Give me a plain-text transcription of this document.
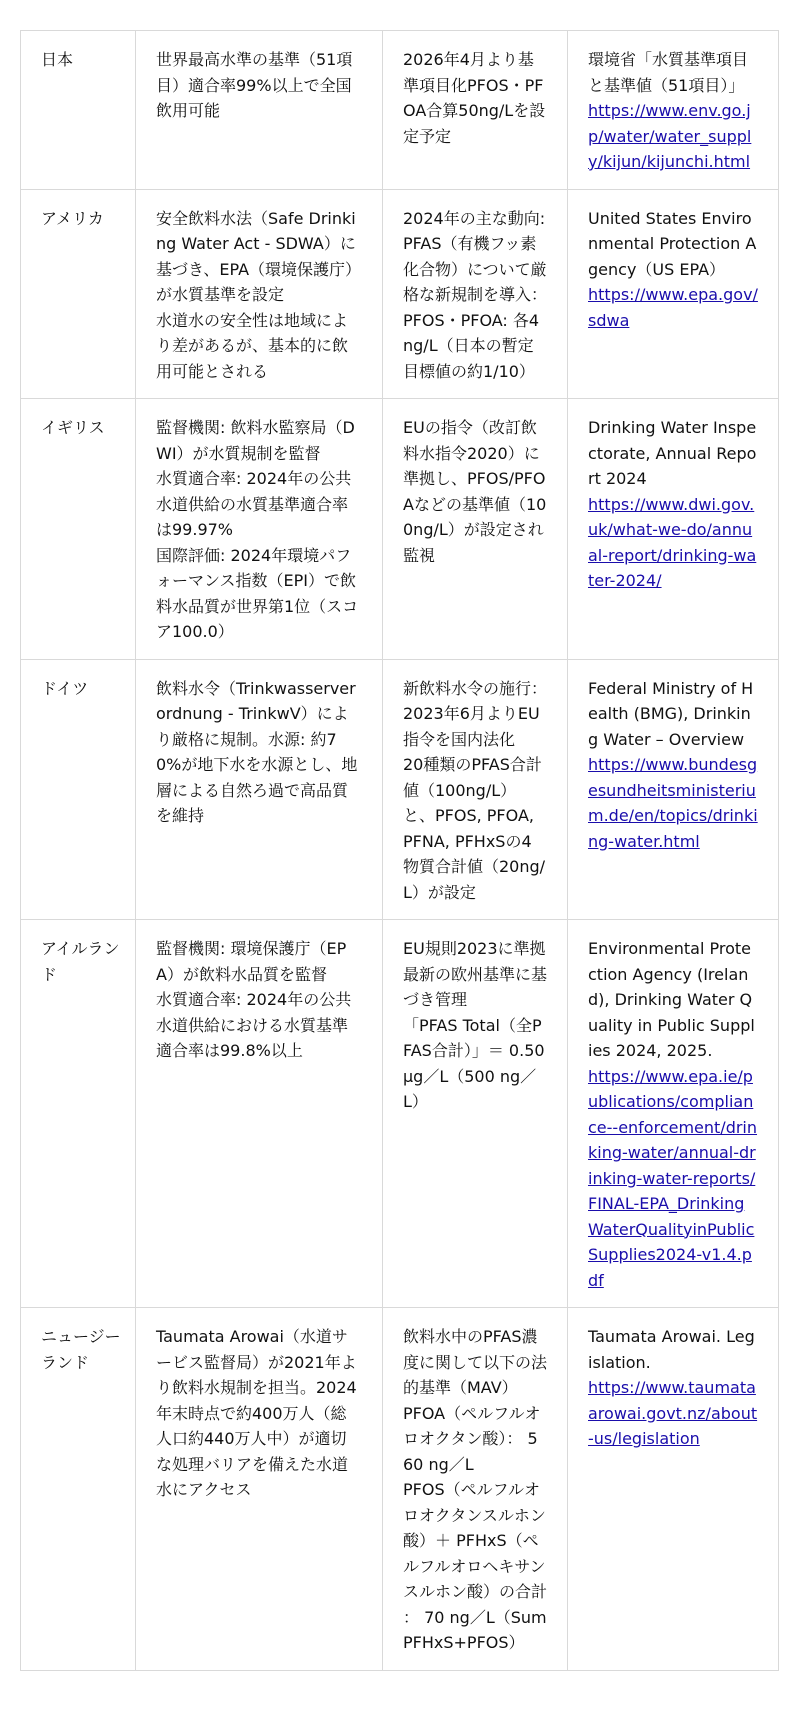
日本	世界最高水準の基準（51項目）適合率99%以上で全国飲用可能	2026年4月より基準項目化PFOS・PFOA合算50ng/Lを設定予定	環境省「水質基準項目と基準値（51項目）」
https://www.env.go.jp/water/water_supply/kijun/kijunchi.html

アメリカ	安全飲料水法（Safe Drinking Water Act - SDWA）に基づき、EPA（環境保護庁）が水質基準を設定
水道水の安全性は地域により差があるが、基本的に飲用可能とされる	2024年の主な動向: PFAS（有機フッ素化合物）について厳格な新規制を導入：PFOS・PFOA: 各4ng/L（日本の暫定目標値の約1/10）	United States Environmental Protection Agency（US EPA）
https://www.epa.gov/sdwa

イギリス	監督機関: 飲料水監察局（DWI）が水質規制を監督
水質適合率: 2024年の公共水道供給の水質基準適合率は99.97%
国際評価: 2024年環境パフォーマンス指数（EPI）で飲料水品質が世界第1位（スコア100.0）	EUの指令（改訂飲料水指令2020）に準拠し、PFOS/PFOAなどの基準値（100ng/L）が設定され監視	Drinking Water Inspectorate, Annual Report 2024
https://www.dwi.gov.uk/what-we-do/annual-report/drinking-water-2024/

ドイツ	飲料水令（Trinkwasserverordnung - TrinkwV）により厳格に規制。水源: 約70%が地下水を水源とし、地層による自然ろ過で高品質を維持	新飲料水令の施行：2023年6月よりEU指令を国内法化
20種類のPFAS合計値（100ng/L）と、PFOS, PFOA, PFNA, PFHxSの4物質合計値（20ng/L）が設定	Federal Ministry of Health (BMG), Drinking Water – Overview
https://www.bundesgesundheitsministerium.de/en/topics/drinking-water.html

アイルランド	監督機関: 環境保護庁（EPA）が飲料水品質を監督
水質適合率: 2024年の公共水道供給における水質基準適合率は99.8%以上	EU規則2023に準拠最新の欧州基準に基づき管理
「PFAS Total（全PFAS合計）」＝ 0.50 µg／L（500 ng／L）	Environmental Protection Agency (Ireland), Drinking Water Quality in Public Supplies 2024, 2025.
https://www.epa.ie/publications/compliance--enforcement/drinking-water/annual-drinking-water-reports/FINAL-EPA_DrinkingWaterQualityinPublicSupplies2024-v1.4.pdf

ニュージーランド	Taumata Arowai（水道サービス監督局）が2021年より飲料水規制を担当。2024年末時点で約400万人（総人口約440万人中）が適切な処理バリアを備えた水道水にアクセス	飲料水中のPFAS濃度に関して以下の法的基準（MAV）
PFOA（ペルフルオロオクタン酸）： 560 ng／L
PFOS（ペルフルオロオクタンスルホン酸）＋ PFHxS（ペルフルオロヘキサンスルホン酸）の合計 ： 70 ng／L（Sum PFHxS+PFOS）	Taumata Arowai. Legislation.
https://www.taumataarowai.govt.nz/about-us/legislation
